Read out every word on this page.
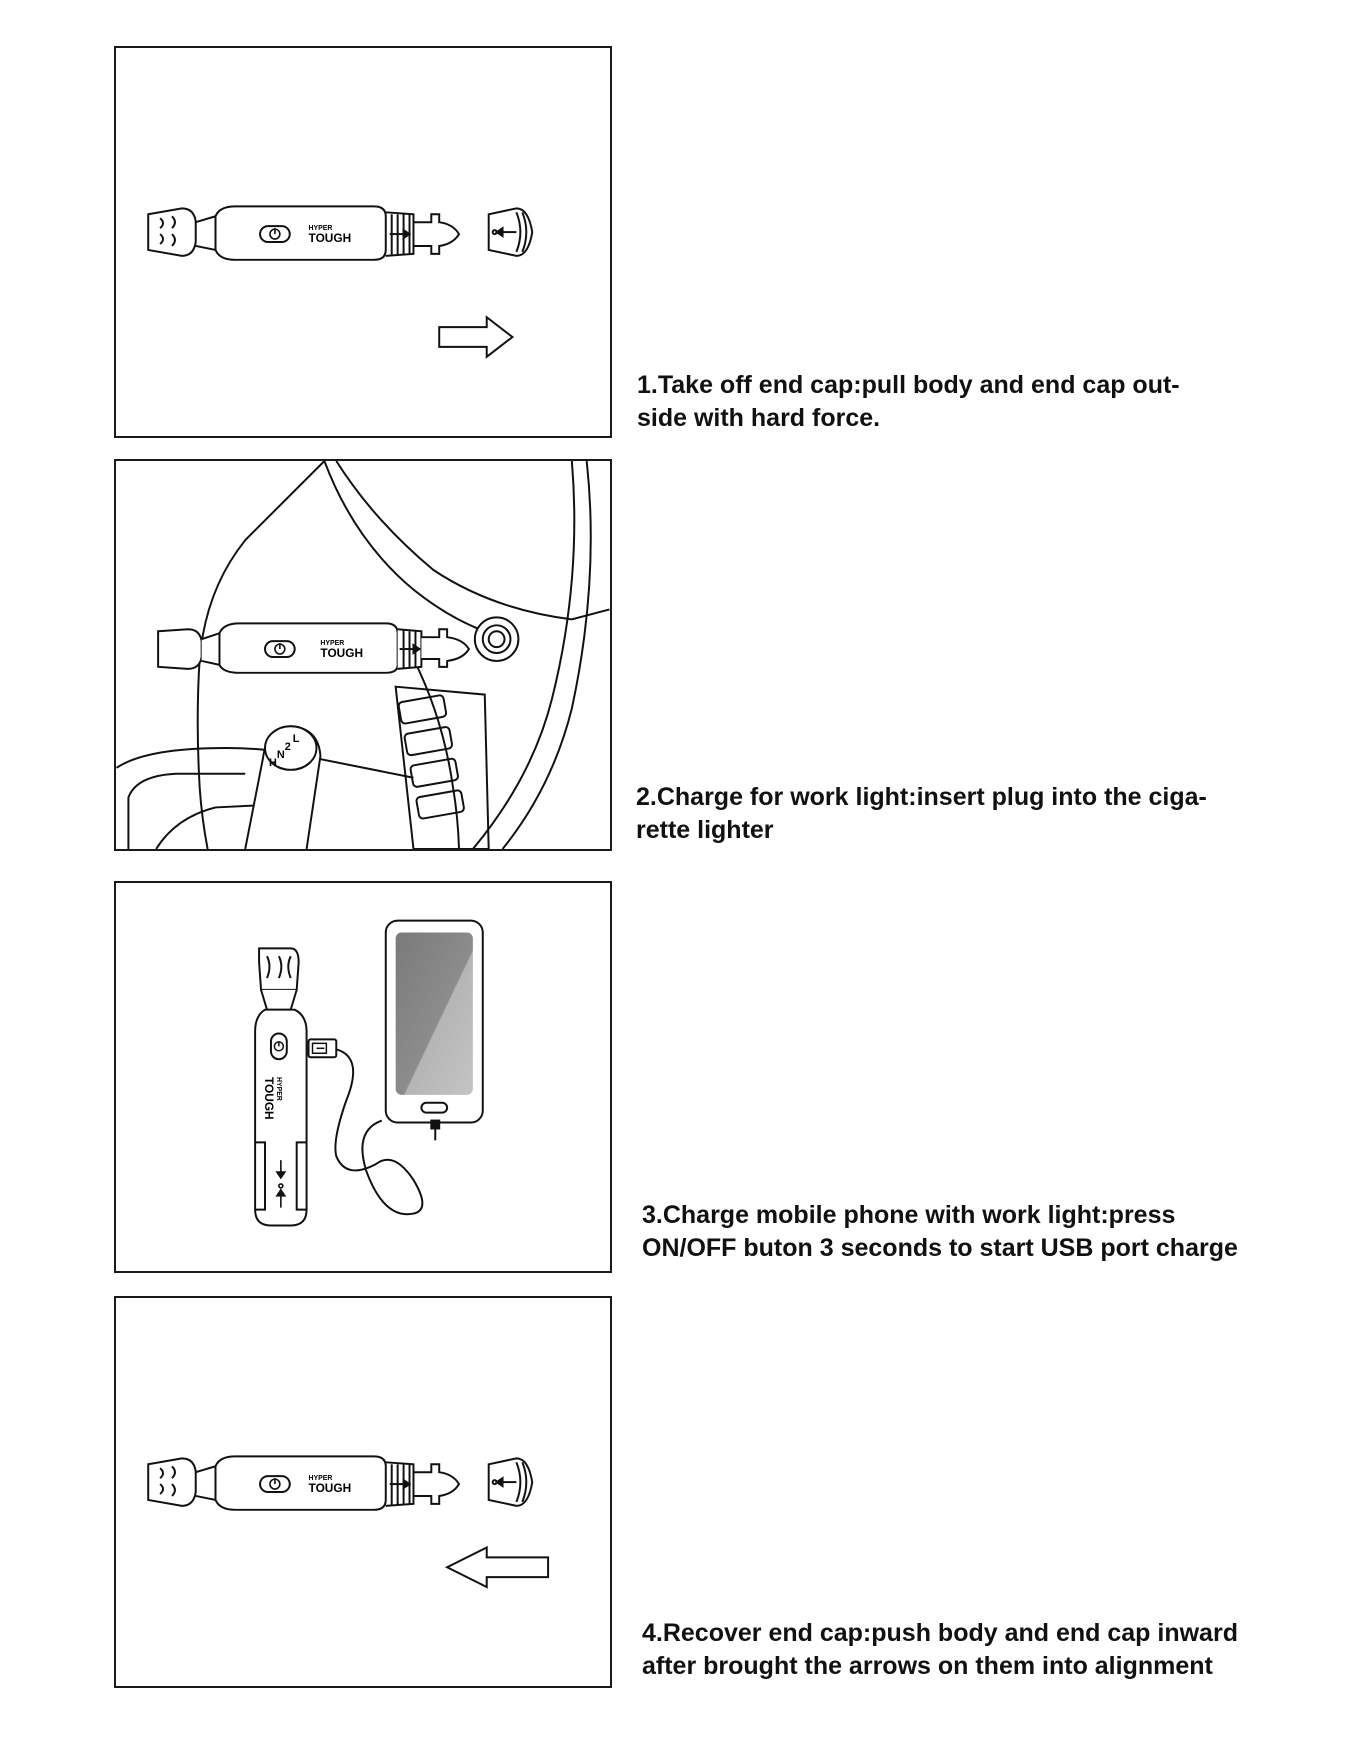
HYPER
TOUGH
1.Take off end cap:pull body and end cap out-
side with hard force.
HYPER
TOUGH
L
2
N
H
2.Charge for work light:insert plug into the ciga-
rette lighter
HYPER
TOUGH
3.Charge mobile phone with work light:press
ON/OFF buton 3 seconds to start USB port charge
HYPER
TOUGH
4.Recover end cap:push body and end cap inward
after brought the arrows on them into alignment
